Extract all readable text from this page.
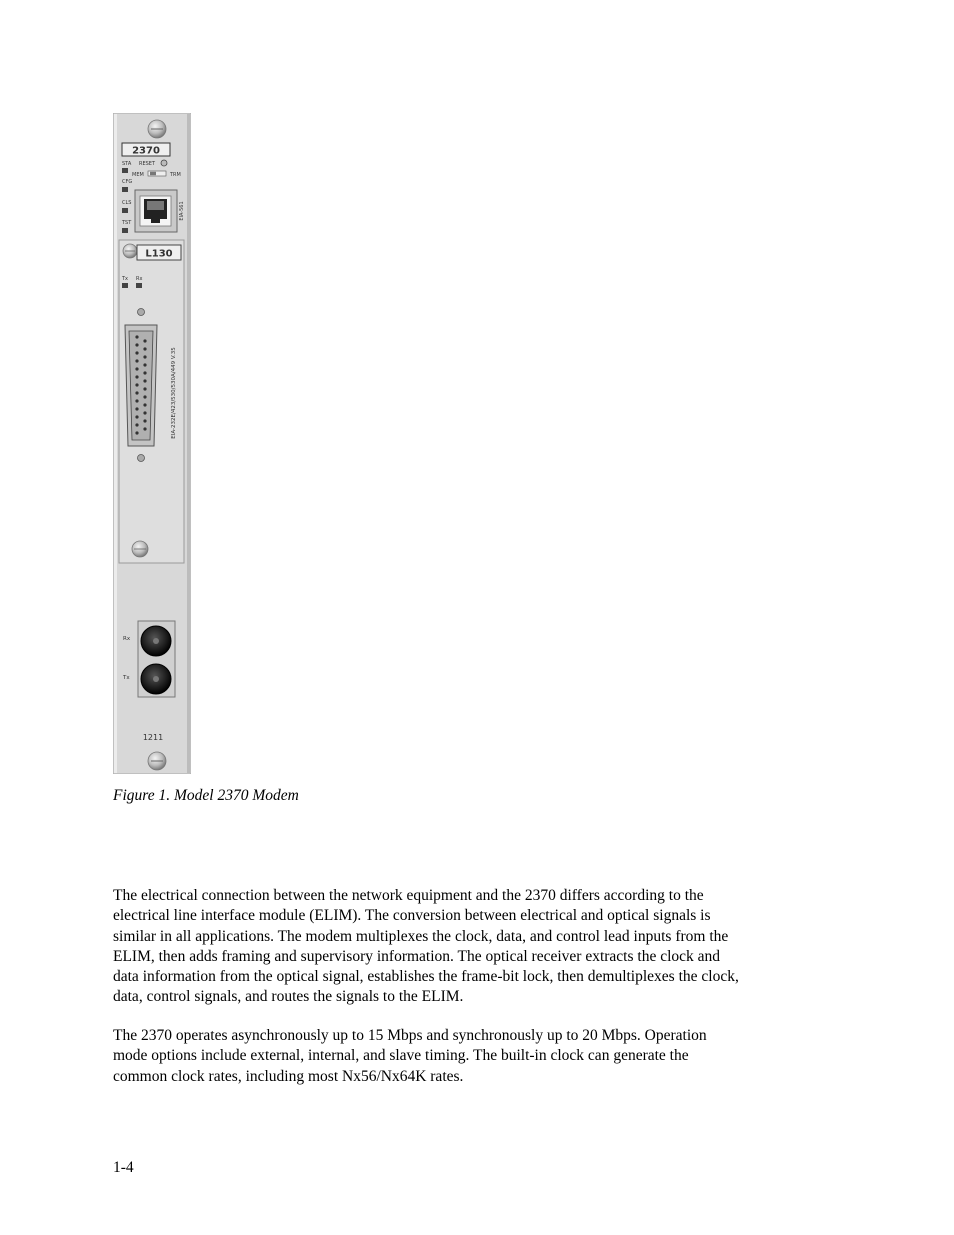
2370
STA RESET
MEM	TRM
CFG
CLS
TST
EIA-561
L130
Tx Rx
EIA-232E/423/530/530A/449 V.35
Rx
Tx
1211

Figure 1. Model 2370 Modem

The electrical connection between the network equipment and the 2370 differs according to the
electrical line interface module (ELIM). The conversion between electrical and optical signals is
similar in all applications. The modem multiplexes the clock, data, and control lead inputs from the
ELIM, then adds framing and supervisory information. The optical receiver extracts the clock and
data information from the optical signal, establishes the frame-bit lock, then demultiplexes the clock,
data, control signals, and routes the signals to the ELIM.

The 2370 operates asynchronously up to 15 Mbps and synchronously up to 20 Mbps. Operation
mode options include external, internal, and slave timing. The built-in clock can generate the
common clock rates, including most Nx56/Nx64K rates.

1-4
